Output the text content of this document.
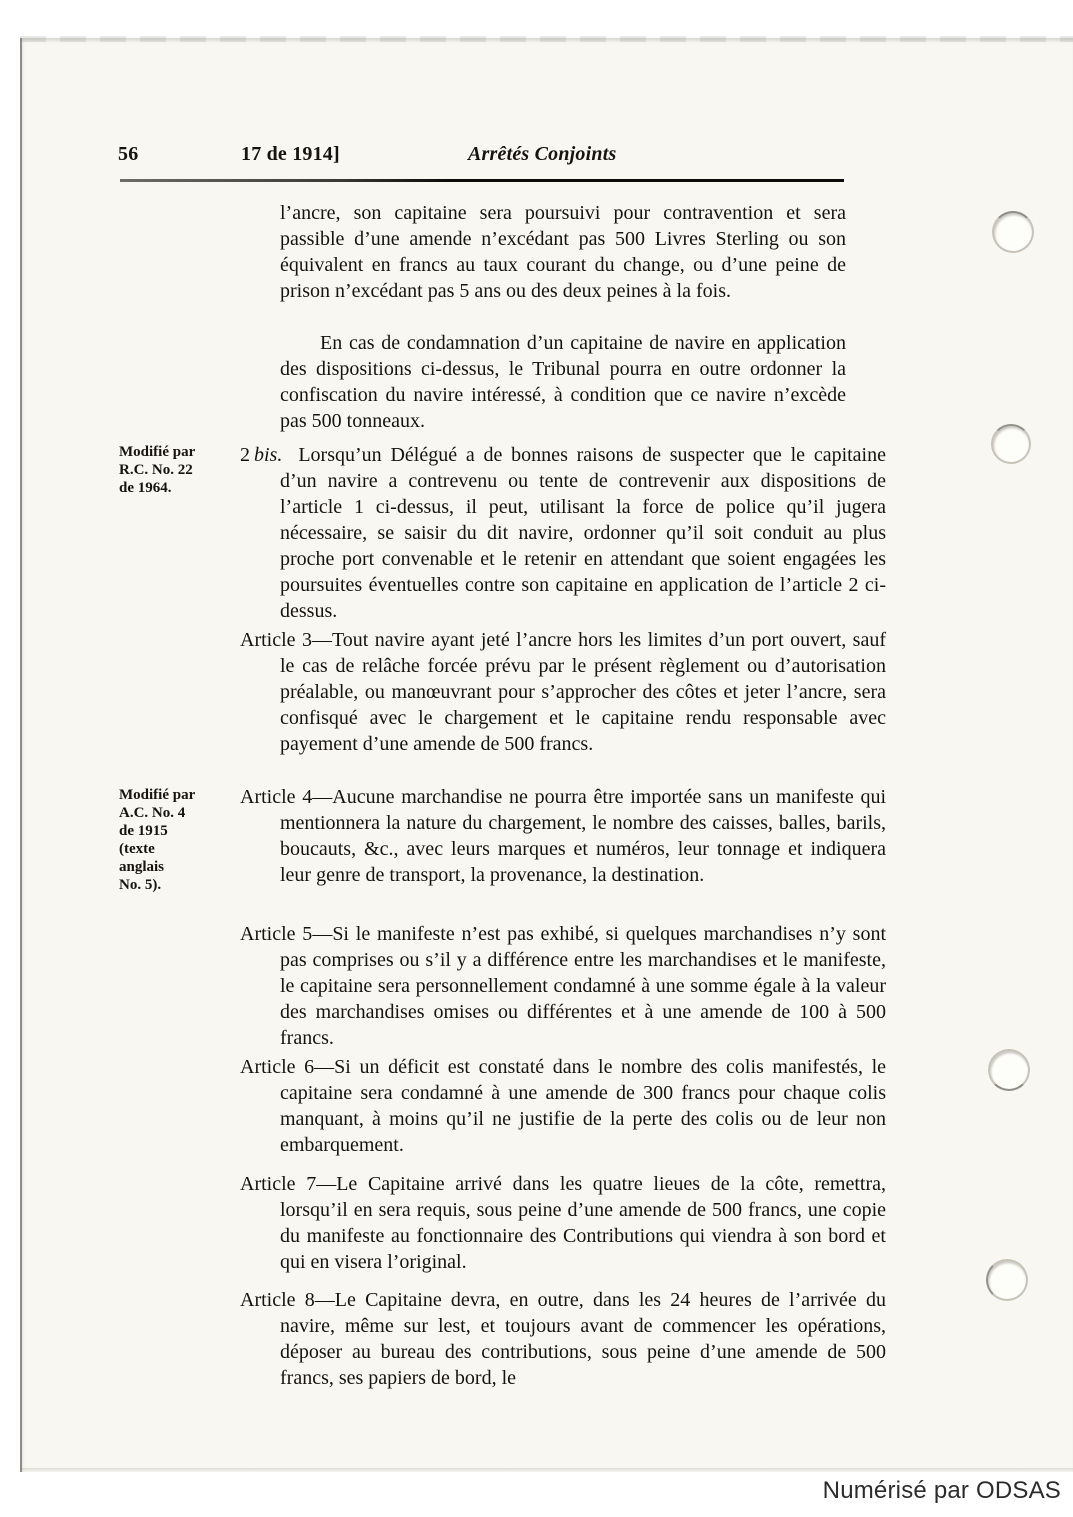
56	17 de 1914]	Arrêtés Conjoints

l’ancre, son capitaine sera poursuivi pour contravention et sera passible d’une amende n’excédant pas 500 Livres Sterling ou son équivalent en francs au taux courant du change, ou d’une peine de prison n’excédant pas 5 ans ou des deux peines à la fois.

En cas de condamnation d’un capitaine de navire en application des dispositions ci-dessus, le Tribunal pourra en outre ordonner la confiscation du navire intéressé, à condition que ce navire n’excède pas 500 tonneaux.

2 bis. Lorsqu’un Délégué a de bonnes raisons de suspecter que le capitaine d’un navire a contrevenu ou tente de contrevenir aux dispositions de l’article 1 ci-dessus, il peut, utilisant la force de police qu’il jugera nécessaire, se saisir du dit navire, ordonner qu’il soit conduit au plus proche port convenable et le retenir en attendant que soient engagées les poursuites éventuelles contre son capitaine en application de l’article 2 ci-dessus.

Article 3—Tout navire ayant jeté l’ancre hors les limites d’un port ouvert, sauf le cas de relâche forcée prévu par le présent règlement ou d’autorisation préalable, ou manœuvrant pour s’approcher des côtes et jeter l’ancre, sera confisqué avec le chargement et le capitaine rendu responsable avec payement d’une amende de 500 francs.

Article 4—Aucune marchandise ne pourra être importée sans un manifeste qui mentionnera la nature du chargement, le nombre des caisses, balles, barils, boucauts, &c., avec leurs marques et numéros, leur tonnage et indiquera leur genre de transport, la provenance, la destination.

Article 5—Si le manifeste n’est pas exhibé, si quelques marchandises n’y sont pas comprises ou s’il y a différence entre les marchandises et le manifeste, le capitaine sera personnellement condamné à une somme égale à la valeur des marchandises omises ou différentes et à une amende de 100 à 500 francs.

Article 6—Si un déficit est constaté dans le nombre des colis manifestés, le capitaine sera condamné à une amende de 300 francs pour chaque colis manquant, à moins qu’il ne justifie de la perte des colis ou de leur non embarquement.

Article 7—Le Capitaine arrivé dans les quatre lieues de la côte, remettra, lorsqu’il en sera requis, sous peine d’une amende de 500 francs, une copie du manifeste au fonctionnaire des Contributions qui viendra à son bord et qui en visera l’original.

Article 8—Le Capitaine devra, en outre, dans les 24 heures de l’arrivée du navire, même sur lest, et toujours avant de commencer les opérations, déposer au bureau des contributions, sous peine d’une amende de 500 francs, ses papiers de bord, le

Modifié par
R.C. No. 22
de 1964.
Modifié par
A.C. No. 4
de 1915
(texte
anglais
No. 5).
Numérisé par ODSAS
